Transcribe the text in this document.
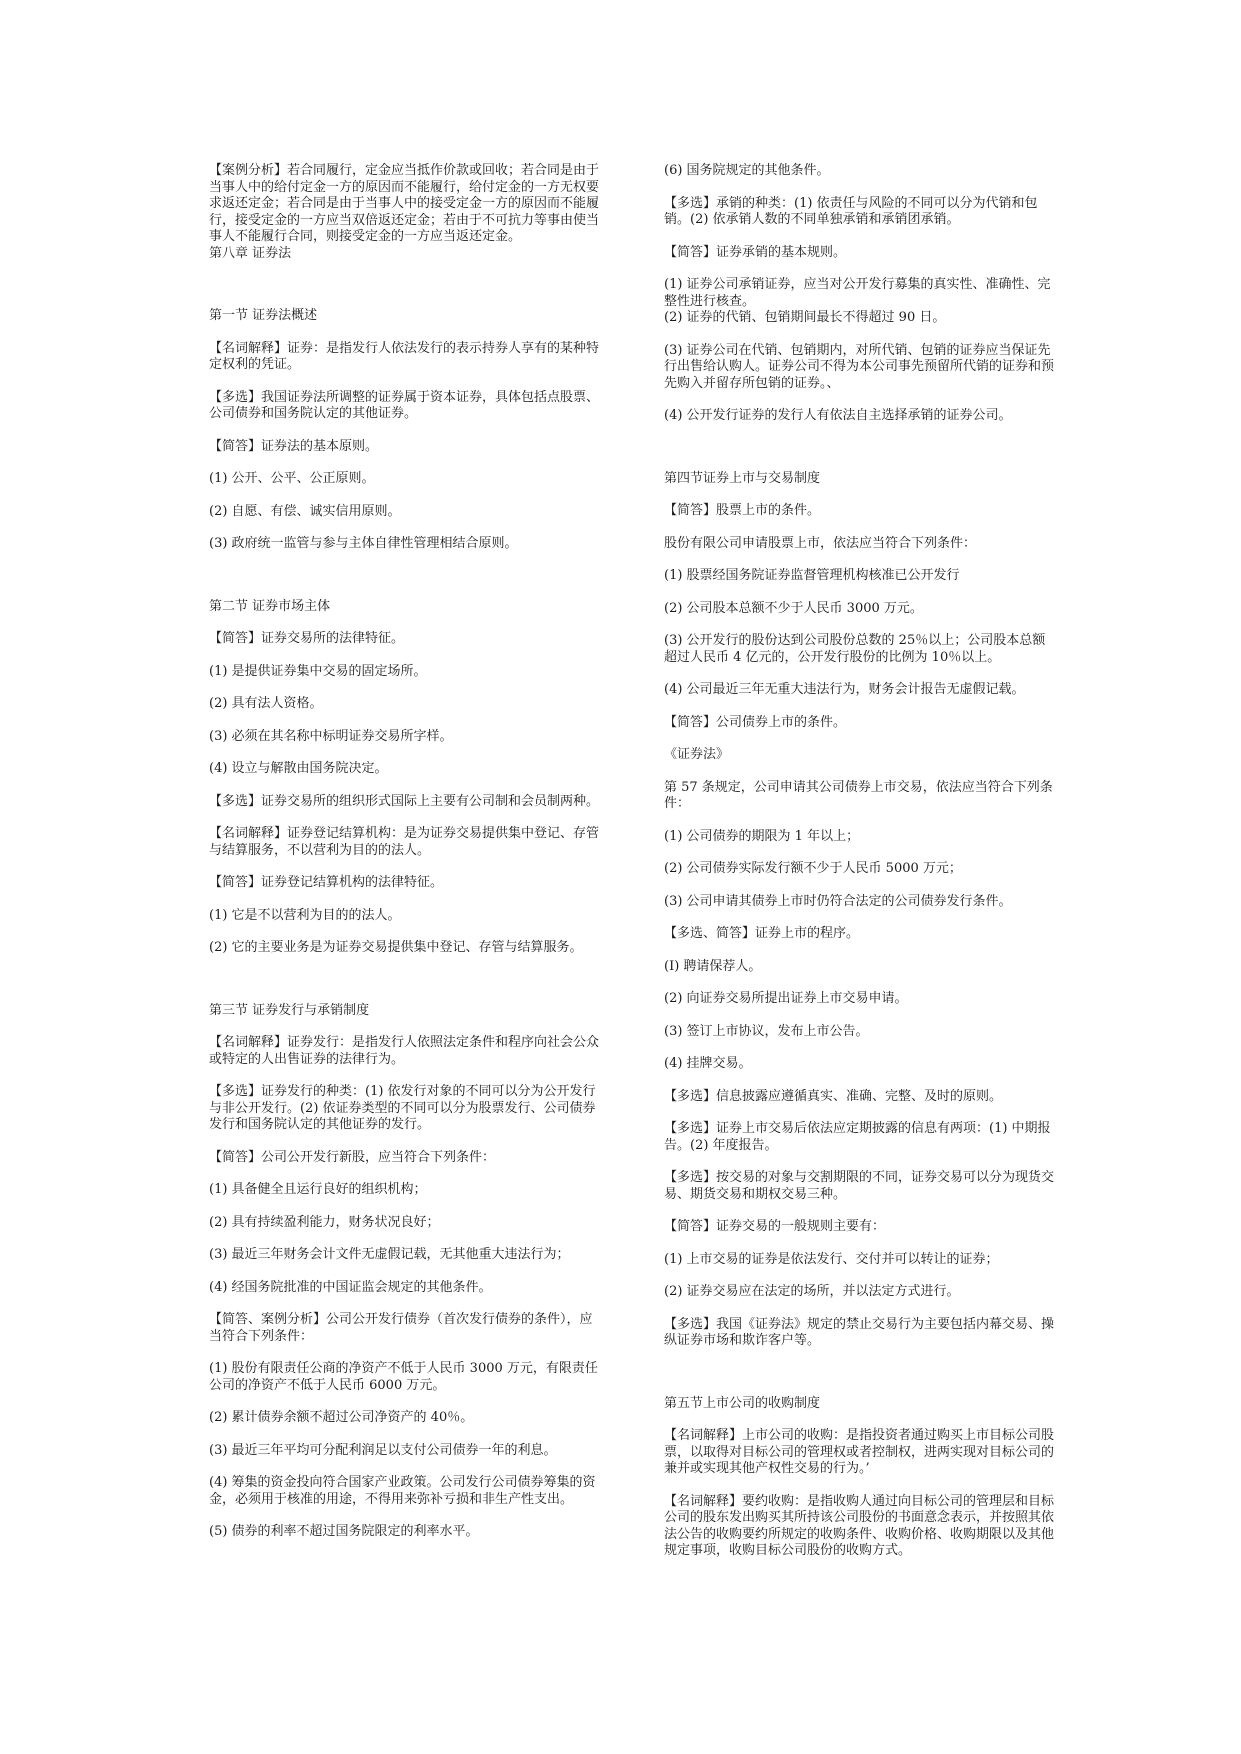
【案例分析】若合同履行，定金应当抵作价款或回收；若合同是由于当事人中的给付定金一方的原因而不能履行，给付定金的一方无权要求返还定金；若合同是由于当事人中的接受定金一方的原因而不能履行，接受定金的一方应当双倍返还定金；若由于不可抗力等事由使当事人不能履行合同，则接受定金的一方应当返还定金。

第八章 证券法

第一节 证券法概述

【名词解释】证券：是指发行人依法发行的表示持券人享有的某种特定权利的凭证。

【多选】我国证券法所调整的证券属于资本证券，具体包括点股票、公司债券和国务院认定的其他证券。

【简答】证券法的基本原则。

(1) 公开、公平、公正原则。

(2) 自愿、有偿、诚实信用原则。

(3) 政府统一监管与参与主体自律性管理相结合原则。

第二节 证券市场主体

【简答】证券交易所的法律特征。

(1) 是提供证券集中交易的固定场所。

(2) 具有法人资格。

(3) 必须在其名称中标明证券交易所字样。

(4) 设立与解散由国务院决定。

【多选】证券交易所的组织形式国际上主要有公司制和会员制两种。

【名词解释】证券登记结算机构：是为证券交易提供集中登记、存管与结算服务，不以营利为目的的法人。

【简答】证券登记结算机构的法律特征。

(1) 它是不以营利为目的的法人。

(2) 它的主要业务是为证券交易提供集中登记、存管与结算服务。

第三节 证券发行与承销制度

【名词解释】证券发行：是指发行人依照法定条件和程序向社会公众或特定的人出售证券的法律行为。

【多选】证券发行的种类：(1) 依发行对象的不同可以分为公开发行与非公开发行。(2) 依证券类型的不同可以分为股票发行、公司债券发行和国务院认定的其他证券的发行。

【简答】公司公开发行新股，应当符合下列条件：

(1) 具备健全且运行良好的组织机构；

(2) 具有持续盈利能力，财务状况良好；

(3) 最近三年财务会计文件无虚假记载，无其他重大违法行为；

(4) 经国务院批准的中国证监会规定的其他条件。

【简答、案例分析】公司公开发行债券（首次发行债券的条件），应当符合下列条件：

(1) 股份有限责任公商的净资产不低于人民币 3000 万元，有限责任公司的净资产不低于人民币 6000 万元。

(2) 累计债券余额不超过公司净资产的 40％。

(3) 最近三年平均可分配利润足以支付公司债券一年的利息。

(4) 筹集的资金投向符合国家产业政策。公司发行公司债券筹集的资金，必须用于核准的用途，不得用来弥补亏损和非生产性支出。

(5) 债券的利率不超过国务院限定的利率水平。

(6) 国务院规定的其他条件。

【多选】承销的种类：(1) 依责任与风险的不同可以分为代销和包销。(2) 依承销人数的不同单独承销和承销团承销。

【简答】证券承销的基本规则。

(1) 证券公司承销证券，应当对公开发行募集的真实性、准确性、完整性进行核查。

(2) 证券的代销、包销期间最长不得超过 90 日。

(3) 证券公司在代销、包销期内，对所代销、包销的证券应当保证先行出售给认购人。证券公司不得为本公司事先预留所代销的证券和预先购入并留存所包销的证券。、

(4) 公开发行证券的发行人有依法自主选择承销的证券公司。

第四节证券上市与交易制度

【简答】股票上市的条件。

股份有限公司申请股票上市，依法应当符合下列条件：

(1) 股票经国务院证券监督管理机构核准已公开发行

(2) 公司股本总额不少于人民币 3000 万元。

(3) 公开发行的股份达到公司股份总数的 25％以上；公司股本总额超过人民币 4 亿元的，公开发行股份的比例为 10％以上。

(4) 公司最近三年无重大违法行为，财务会计报告无虚假记载。

【简答】公司债券上市的条件。

《证券法》

第 57 条规定，公司申请其公司债券上市交易，依法应当符合下列条件：

(1) 公司债券的期限为 1 年以上；

(2) 公司债券实际发行额不少于人民币 5000 万元；

(3) 公司申请其债券上市时仍符合法定的公司债券发行条件。

【多选、简答】证券上市的程序。

(I) 聘请保荐人。

(2) 向证券交易所提出证券上市交易申请。

(3) 签订上市协议，发布上市公告。

(4) 挂牌交易。

【多选】信息披露应遵循真实、准确、完整、及时的原则。

【多选】证券上市交易后依法应定期披露的信息有两项：(1) 中期报告。(2) 年度报告。

【多选】按交易的对象与交割期限的不同，证券交易可以分为现货交易、期货交易和期权交易三种。

【简答】证券交易的一般规则主要有：

(1) 上市交易的证券是依法发行、交付并可以转让的证券；

(2) 证券交易应在法定的场所，并以法定方式进行。

【多选】我国《证券法》规定的禁止交易行为主要包括内幕交易、操纵证券市场和欺诈客户等。

第五节上市公司的收购制度

【名词解释】上市公司的收购：是指投资者通过购买上市目标公司股票，以取得对目标公司的管理权或者控制权，进两实现对目标公司的兼并或实现其他产权性交易的行为。’

【名词解释】要约收购：是指收购人通过向目标公司的管理层和目标公司的股东发出购买其所持该公司股份的书面意念表示，并按照其依法公告的收购要约所规定的收购条件、收购价格、收购期限以及其他规定事项，收购目标公司股份的收购方式。
